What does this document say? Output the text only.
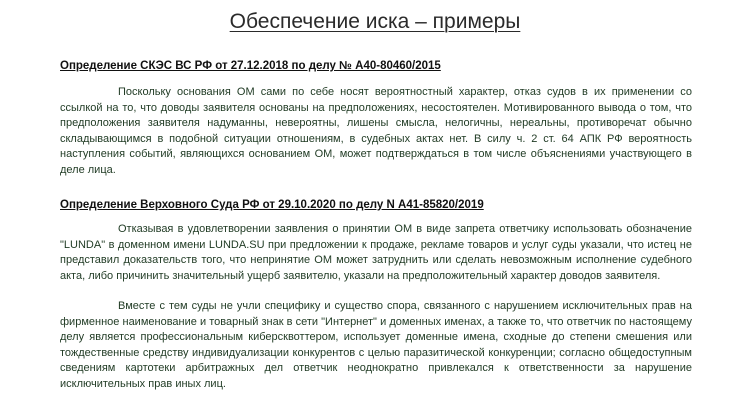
Обеспечение иска – примеры
Определение СКЭС ВС РФ от 27.12.2018 по делу № А40-80460/2015

Поскольку основания ОМ сами по себе носят вероятностный характер, отказ судов в их применении со ссылкой на то, что доводы заявителя основаны на предположениях, несостоятелен. Мотивированного вывода о том, что предположения заявителя надуманны, невероятны, лишены смысла, нелогичны, нереальны, противоречат обычно складывающимся в подобной ситуации отношениям, в судебных актах нет. В силу ч. 2 ст. 64 АПК РФ вероятность наступления событий, являющихся основанием ОМ, может подтверждаться в том числе объяснениями участвующего в деле лица.

Определение Верховного Суда РФ от 29.10.2020 по делу N А41-85820/2019

Отказывая в удовлетворении заявления о принятии ОМ в виде запрета ответчику использовать обозначение "LUNDA" в доменном имени LUNDA.SU при предложении к продаже, рекламе товаров и услуг суды указали, что истец не представил доказательств того, что непринятие ОМ может затруднить или сделать невозможным исполнение судебного акта, либо причинить значительный ущерб заявителю, указали на предположительный характер доводов заявителя.

Вместе с тем суды не учли специфику и существо спора, связанного с нарушением исключительных прав на фирменное наименование и товарный знак в сети "Интернет" и доменных именах, а также то, что ответчик по настоящему делу является профессиональным киберсквоттером, использует доменные имена, сходные до степени смешения или тождественные средству индивидуализации конкурентов с целью паразитической конкуренции; согласно общедоступным сведениям картотеки арбитражных дел ответчик неоднократно привлекался к ответственности за нарушение исключительных прав иных лиц.
